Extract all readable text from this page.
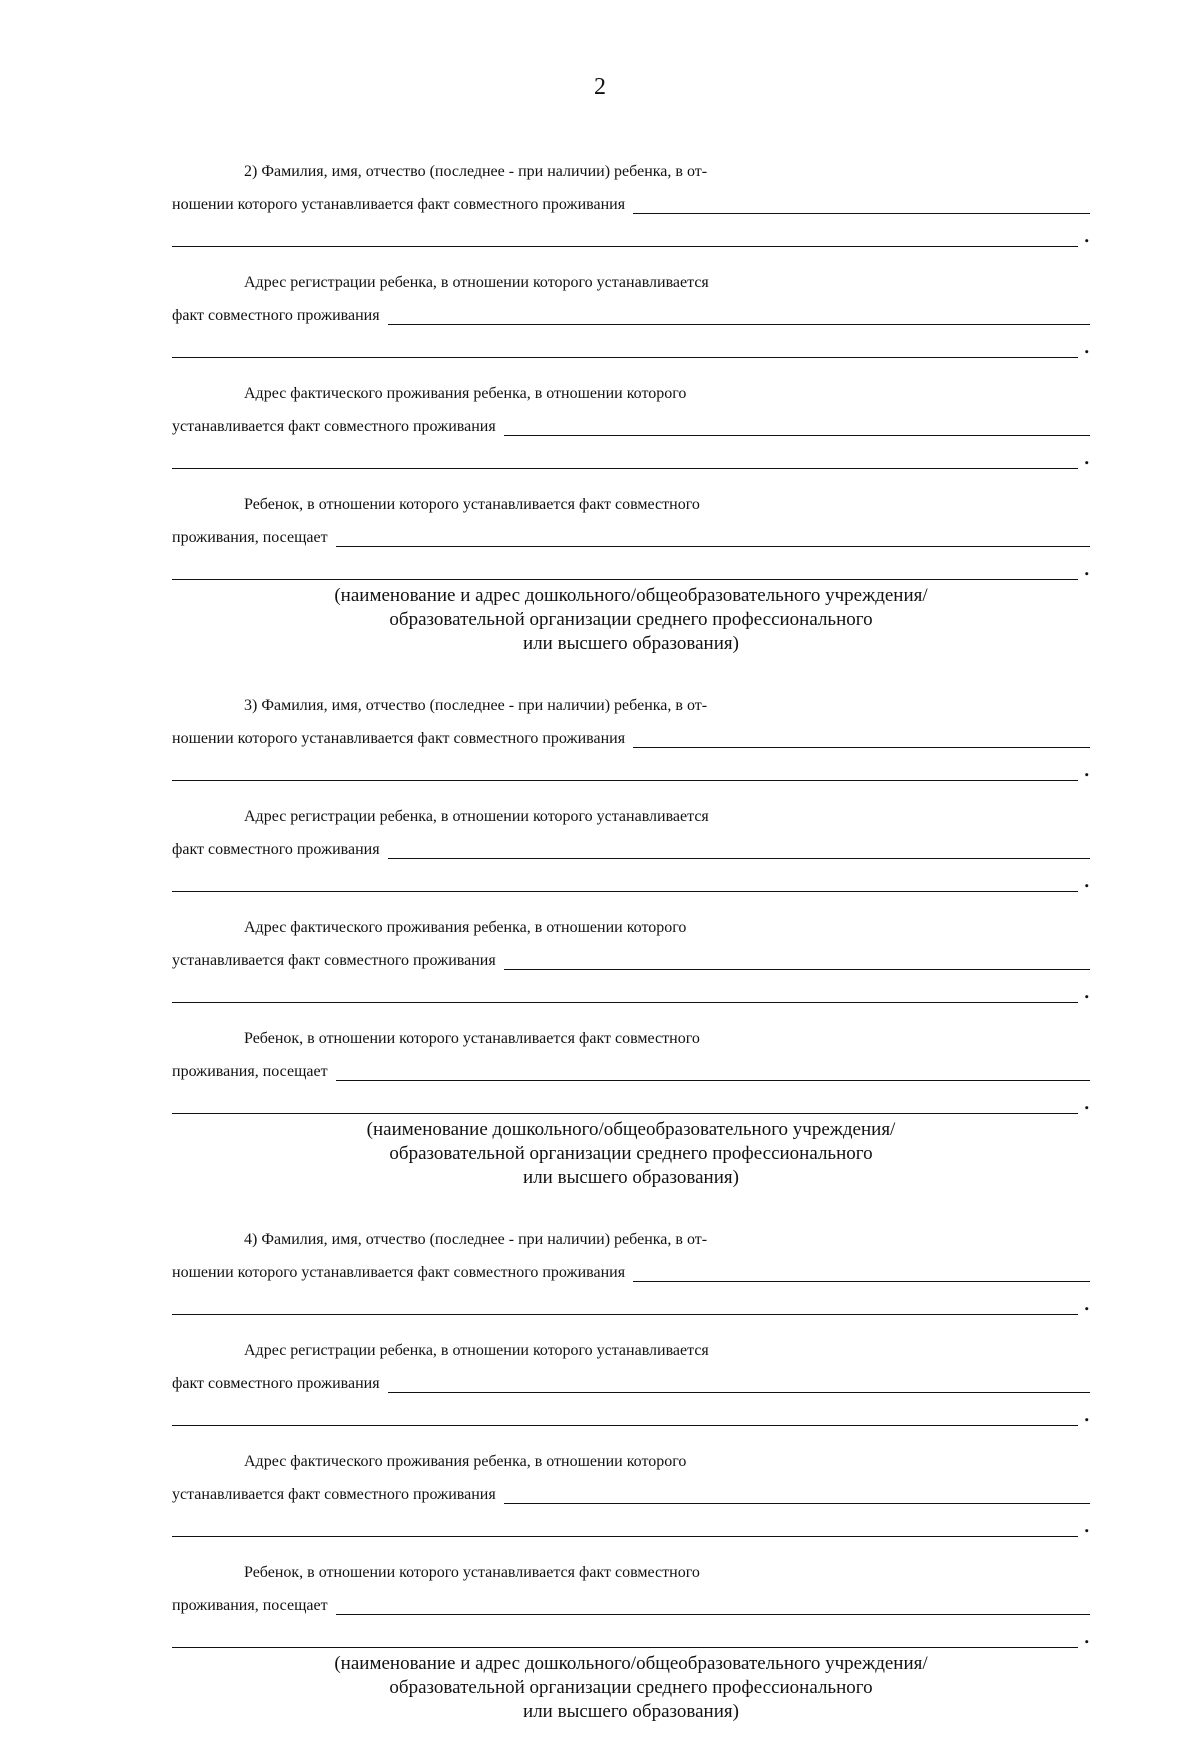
2
2) Фамилия, имя, отчество (последнее - при наличии) ребенка, в от-
ношении которого устанавливается факт совместного проживания
.
Адрес регистрации ребенка, в отношении которого устанавливается
факт совместного проживания
.
Адрес фактического проживания ребенка, в отношении которого
устанавливается факт совместного проживания
.
Ребенок, в отношении которого устанавливается факт совместного
проживания, посещает
.
(наименование и адрес дошкольного/общеобразовательного учреждения/
образовательной организации среднего профессионального
или высшего образования)
3) Фамилия, имя, отчество (последнее - при наличии) ребенка, в от-
ношении которого устанавливается факт совместного проживания
.
Адрес регистрации ребенка, в отношении которого устанавливается
факт совместного проживания
.
Адрес фактического проживания ребенка, в отношении которого
устанавливается факт совместного проживания
.
Ребенок, в отношении которого устанавливается факт совместного
проживания, посещает
.
(наименование дошкольного/общеобразовательного учреждения/
образовательной организации среднего профессионального
или высшего образования)
4) Фамилия, имя, отчество (последнее - при наличии) ребенка, в от-
ношении которого устанавливается факт совместного проживания
.
Адрес регистрации ребенка, в отношении которого устанавливается
факт совместного проживания
.
Адрес фактического проживания ребенка, в отношении которого
устанавливается факт совместного проживания
.
Ребенок, в отношении которого устанавливается факт совместного
проживания, посещает
.
(наименование и адрес дошкольного/общеобразовательного учреждения/
образовательной организации среднего профессионального
или высшего образования)
